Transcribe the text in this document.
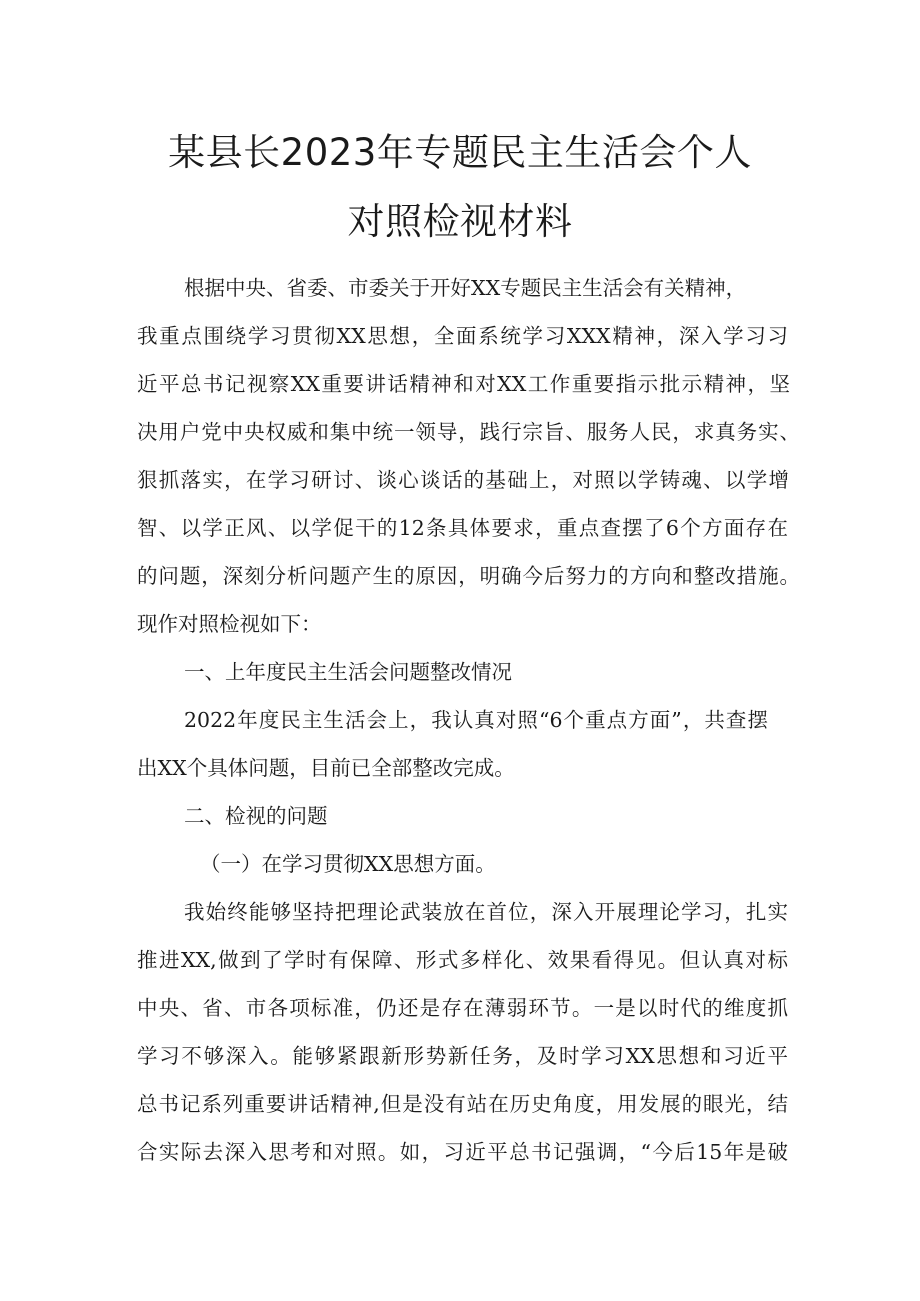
某县长2023年专题民主生活会个人
对照检视材料
根据中央、省委、市委关于开好XX专题民主生活会有关精神，
我重点围绕学习贯彻XX思想，全面系统学习XXX精神，深入学习习
近平总书记视察XX重要讲话精神和对XX工作重要指示批示精神，坚
决用户党中央权威和集中统一领导，践行宗旨、服务人民，求真务实、
狠抓落实，在学习研讨、谈心谈话的基础上，对照以学铸魂、以学增
智、以学正风、以学促干的12条具体要求，重点查摆了6个方面存在
的问题，深刻分析问题产生的原因，明确今后努力的方向和整改措施。
现作对照检视如下：
一、上年度民主生活会问题整改情况
2022年度民主生活会上，我认真对照“6个重点方面”，共查摆
出XX个具体问题，目前已全部整改完成。
二、检视的问题
（一）在学习贯彻XX思想方面。
我始终能够坚持把理论武装放在首位，深入开展理论学习，扎实
推进XX,做到了学时有保障、形式多样化、效果看得见。但认真对标
中央、省、市各项标准，仍还是存在薄弱环节。一是以时代的维度抓
学习不够深入。能够紧跟新形势新任务，及时学习XX思想和习近平
总书记系列重要讲话精神,但是没有站在历史角度，用发展的眼光，结
合实际去深入思考和对照。如，习近平总书记强调，“今后15年是破
